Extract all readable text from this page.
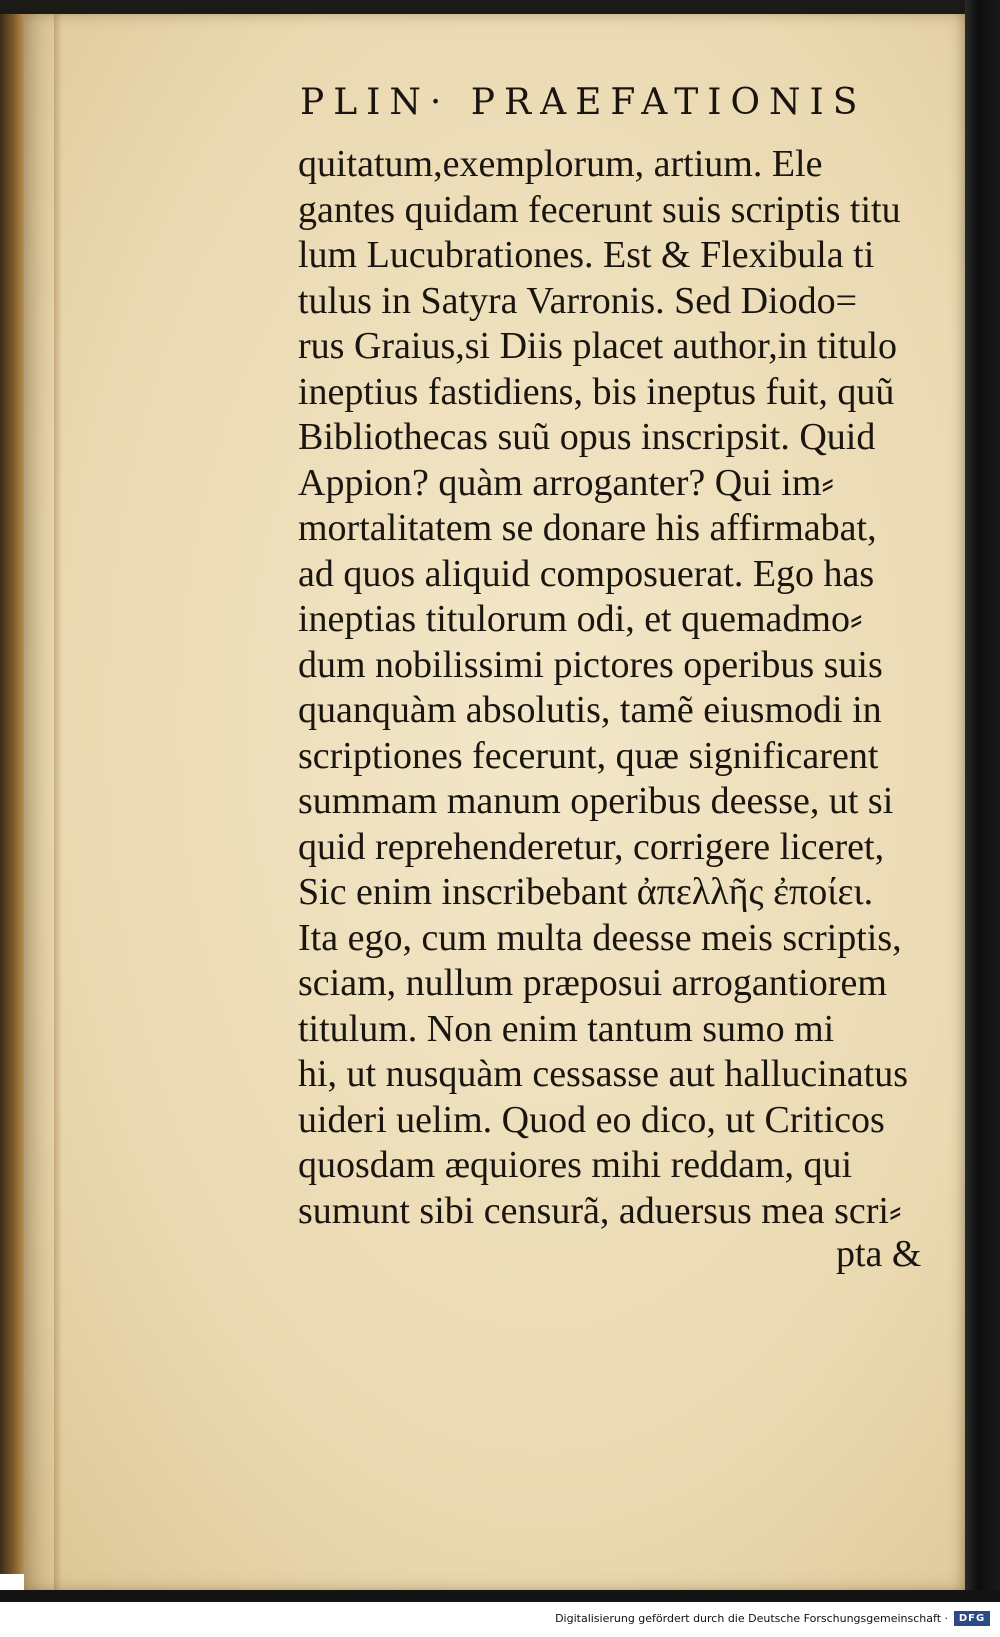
PLIN· PRAEFATIONIS
quitatum,exemplorum, artium. Ele
gantes quidam fecerunt suis scriptis titu
lum Lucubrationes. Est & Flexibula ti
tulus in Satyra Varronis. Sed Diodo=
rus Graius,si Diis placet author,in titulo
ineptius fastidiens, bis ineptus fuit, quũ
Bibliothecas suũ opus inscripsit. Quid
Appion? quàm arroganter? Qui im⸗
mortalitatem se donare his affirmabat,
ad quos aliquid composuerat. Ego has
ineptias titulorum odi, et quemadmo⸗
dum nobilissimi pictores operibus suis
quanquàm absolutis, tamẽ eiusmodi in
scriptiones fecerunt, quæ significarent
summam manum operibus deesse, ut si
quid reprehenderetur, corrigere liceret,
Sic enim inscribebant ἀπελλῆς ἐποίει.
Ita ego, cum multa deesse meis scriptis,
sciam, nullum præposui arrogantiorem
titulum. Non enim tantum sumo mi
hi, ut nusquàm cessasse aut hallucinatus
uideri uelim. Quod eo dico, ut Criticos
quosdam æquiores mihi reddam, qui
sumunt sibi censurã, aduersus mea scri⸗
pta &
Digitalisierung gefördert durch die Deutsche Forschungsgemeinschaft ·	DFG
